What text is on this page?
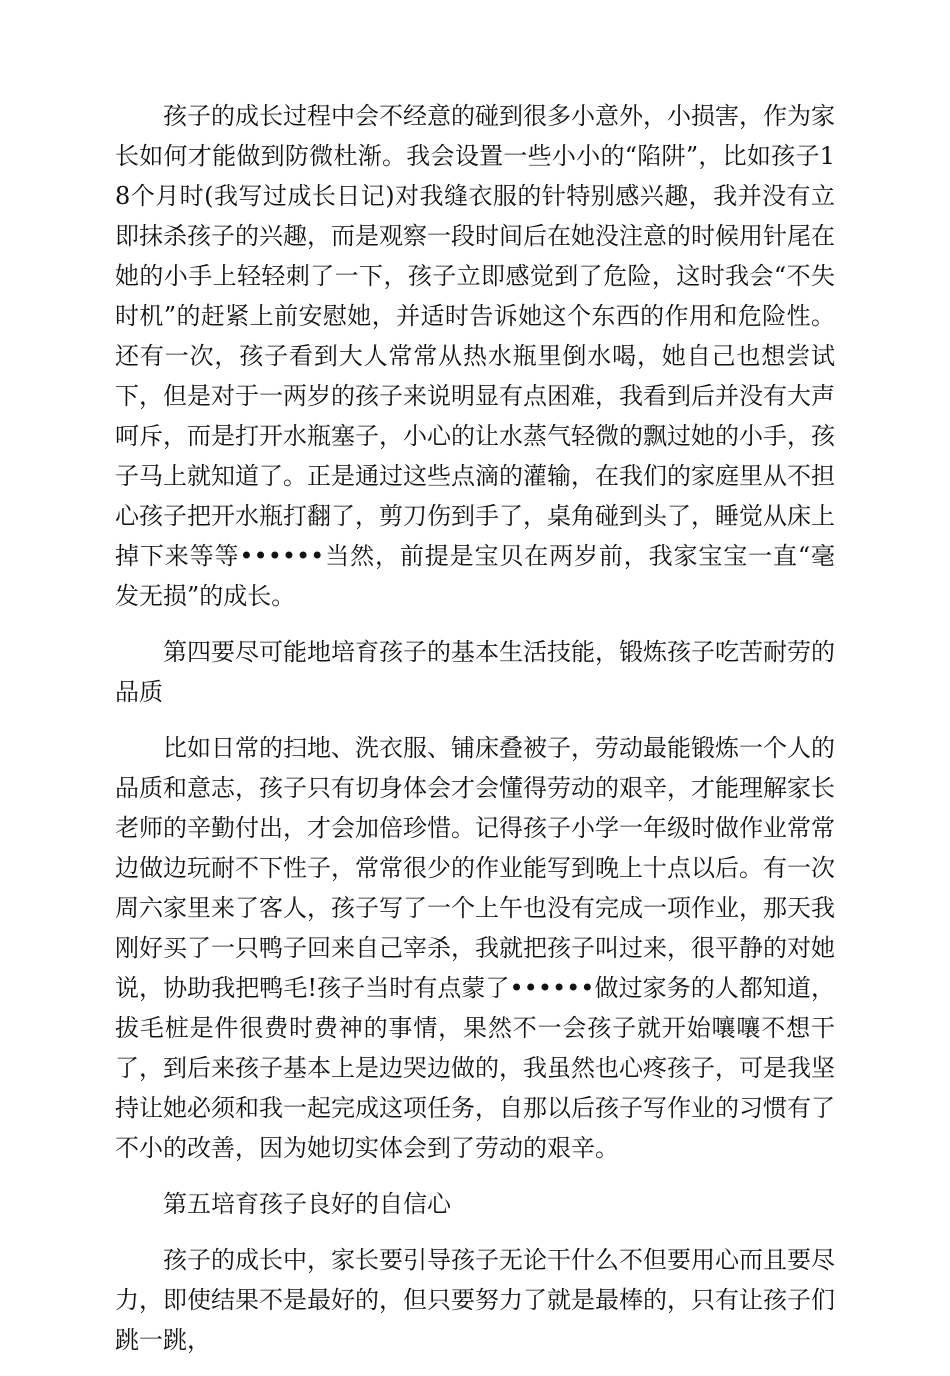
孩子的成长过程中会不经意的碰到很多小意外，小损害，作为家长如何才能做到防微杜渐。我会设置一些小小的“陷阱”，比如孩子18个月时(我写过成长日记)对我缝衣服的针特别感兴趣，我并没有立即抹杀孩子的兴趣，而是观察一段时间后在她没注意的时候用针尾在她的小手上轻轻刺了一下，孩子立即感觉到了危险，这时我会“不失时机”的赶紧上前安慰她，并适时告诉她这个东西的作用和危险性。还有一次，孩子看到大人常常从热水瓶里倒水喝，她自己也想尝试下，但是对于一两岁的孩子来说明显有点困难，我看到后并没有大声呵斥，而是打开水瓶塞子，小心的让水蒸气轻微的飘过她的小手，孩子马上就知道了。正是通过这些点滴的灌输，在我们的家庭里从不担心孩子把开水瓶打翻了，剪刀伤到手了，桌角碰到头了，睡觉从床上掉下来等等••••••当然，前提是宝贝在两岁前，我家宝宝一直“毫发无损”的成长。

第四要尽可能地培育孩子的基本生活技能，锻炼孩子吃苦耐劳的品质

比如日常的扫地、洗衣服、铺床叠被子，劳动最能锻炼一个人的品质和意志，孩子只有切身体会才会懂得劳动的艰辛，才能理解家长老师的辛勤付出，才会加倍珍惜。记得孩子小学一年级时做作业常常边做边玩耐不下性子，常常很少的作业能写到晚上十点以后。有一次周六家里来了客人，孩子写了一个上午也没有完成一项作业，那天我刚好买了一只鸭子回来自己宰杀，我就把孩子叫过来，很平静的对她说，协助我把鸭毛!孩子当时有点蒙了••••••做过家务的人都知道，拔毛桩是件很费时费神的事情，果然不一会孩子就开始嚷嚷不想干了，到后来孩子基本上是边哭边做的，我虽然也心疼孩子，可是我坚持让她必须和我一起完成这项任务，自那以后孩子写作业的习惯有了不小的改善，因为她切实体会到了劳动的艰辛。

第五培育孩子良好的自信心

孩子的成长中，家长要引导孩子无论干什么不但要用心而且要尽力，即使结果不是最好的，但只要努力了就是最棒的，只有让孩子们跳一跳，
